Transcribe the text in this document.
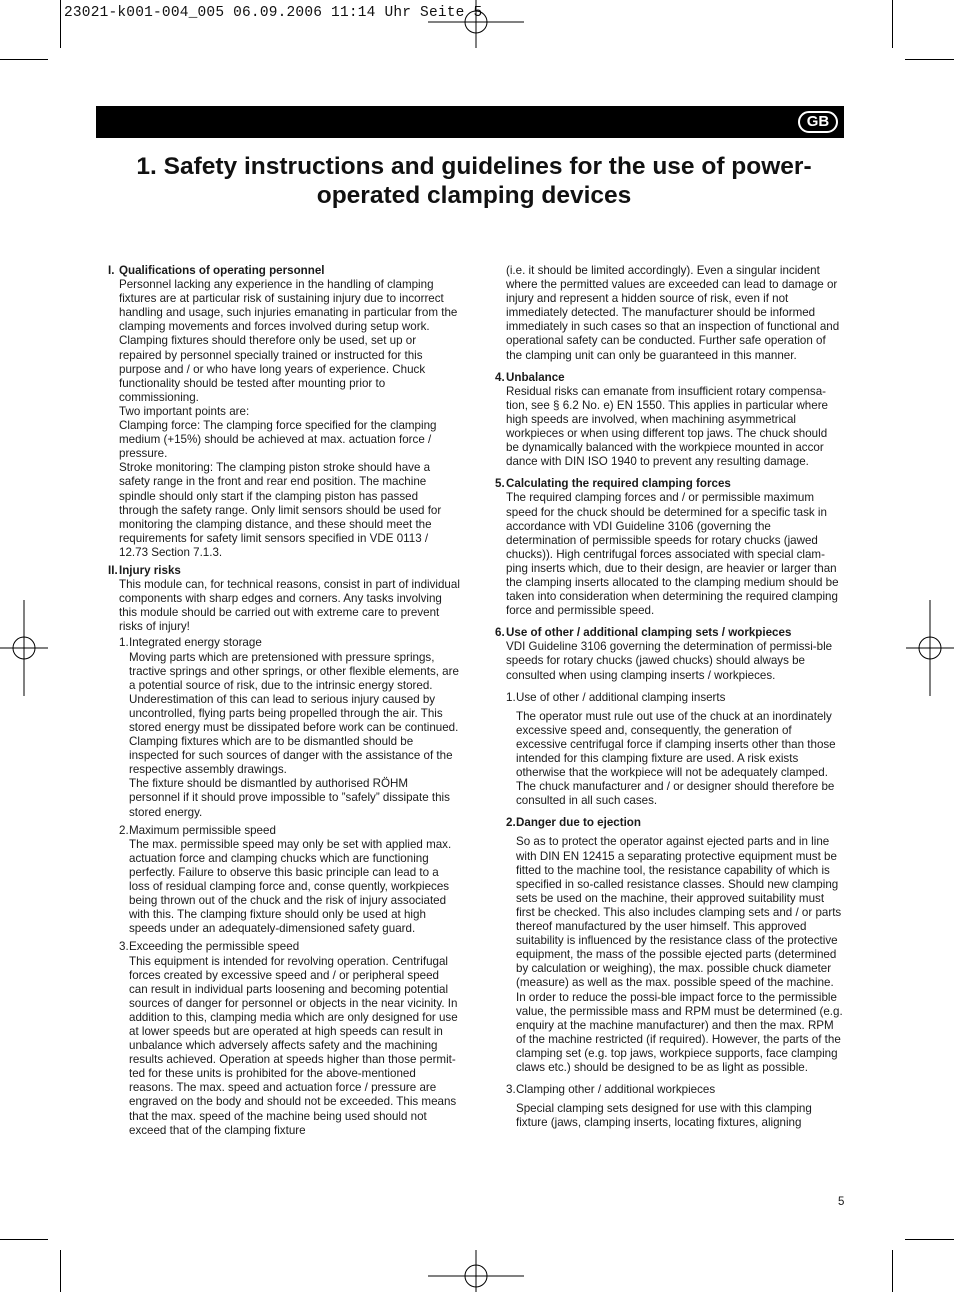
23021-k001-004_005 06.09.2006 11:14 Uhr Seite 5
GB
1. Safety instructions and guidelines for the use of power-operated clamping devices
I. Qualifications of operating personnel
Personnel lacking any experience in the handling of clamping fixtures are at particular risk of sustaining injury due to incorrect handling and usage, such injuries emanating in particular from the clamping movements and forces involved during setup work. Clamping fixtures should therefore only be used, set up or repaired by personnel specially trained or instructed for this purpose and / or who have long years of experience. Chuck functionality should be tested after mounting prior to commissioning.
Two important points are:
Clamping force: The clamping force specified for the clamping medium (+15%) should be achieved at max. actuation force / pressure.
Stroke monitoring: The clamping piston stroke should have a safety range in the front and rear end position. The machine spindle should only start if the clamping piston has passed through the safety range. Only limit sensors should be used for monitoring the clamping distance, and these should meet the requirements for safety limit sensors specified in VDE 0113 / 12.73 Section 7.1.3.
II. Injury risks
This module can, for technical reasons, consist in part of individual components with sharp edges and corners. Any tasks involving this module should be carried out with extreme care to prevent risks of injury!
1. Integrated energy storage
Moving parts which are pretensioned with pressure springs, tractive springs and other springs, or other flexible elements, are a potential source of risk, due to the intrinsic energy stored. Underestimation of this can lead to serious injury caused by uncontrolled, flying parts being propelled through the air. This stored energy must be dissipated before work can be continued. Clamping fixtures which are to be dismantled should be inspected for such sources of danger with the assistance of the respective assembly drawings.
The fixture should be dismantled by authorised RÖHM personnel if it should prove impossible to ”safely” dissipate this stored energy.
2. Maximum permissible speed
The max. permissible speed may only be set with applied max. actuation force and clamping chucks which are functioning perfectly. Failure to observe this basic principle can lead to a loss of residual clamping force and, conse quently, workpieces being thrown out of the chuck and the risk of injury associated with this. The clamping fixture should only be used at high speeds under an adequately-dimensioned safety guard.
3. Exceeding the permissible speed
This equipment is intended for revolving operation. Centrifugal forces created by excessive speed and / or peripheral speed can result in individual parts loosening and becoming potential sources of danger for personnel or objects in the near vicinity. In addition to this, clamping media which are only designed for use at lower speeds but are operated at high speeds can result in unbalance which adversely affects safety and the machining results achieved. Operation at speeds higher than those permit-ted for these units is prohibited for the above-mentioned reasons. The max. speed and actuation force / pressure are engraved on the body and should not be exceeded. This means that the max. speed of the machine being used should not exceed that of the clamping fixture
(i.e. it should be limited accordingly). Even a singular incident where the permitted values are exceeded can lead to damage or injury and represent a hidden source of risk, even if not immediately detected. The manufacturer should be informed immediately in such cases so that an inspection of functional and operational safety can be conducted. Further safe operation of the clamping unit can only be guaranteed in this manner.
4. Unbalance
Residual risks can emanate from insufficient rotary compensa-tion, see § 6.2 No. e) EN 1550. This applies in particular where high speeds are involved, when machining asymmetrical workpieces or when using different top jaws. The chuck should be dynamically balanced with the workpiece mounted in accor dance with DIN ISO 1940 to prevent any resulting damage.
5. Calculating the required clamping forces
The required clamping forces and / or permissible maximum speed for the chuck should be determined for a specific task in accordance with VDI Guideline 3106 (governing the determination of permissible speeds for rotary chucks (jawed chucks)). High centrifugal forces associated with special clam-ping inserts which, due to their design, are heavier or larger than the clamping inserts allocated to the clamping medium should be taken into consideration when determining the required clamping force and permissible speed.
6. Use of other / additional clamping sets / workpieces
VDI Guideline 3106 governing the determination of permissi-ble speeds for rotary chucks (jawed chucks) should always be consulted when using clamping inserts / workpieces.
1. Use of other / additional clamping inserts
The operator must rule out use of the chuck at an inordinately excessive speed and, consequently, the generation of excessive centrifugal force if clamping inserts other than those intended for this clamping fixture are used. A risk exists otherwise that the workpiece will not be adequately clamped. The chuck manufacturer and / or designer should therefore be consulted in all such cases.
2. Danger due to ejection
So as to protect the operator against ejected parts and in line with DIN EN 12415 a separating protective equipment must be fitted to the machine tool, the resistance capability of which is specified in so-called resistance classes. Should new clamping sets be used on the machine, their approved suitability must first be checked. This also includes clamping sets and / or parts thereof manufactured by the user himself. This approved suitability is influenced by the resistance class of the protective equipment, the mass of the possible ejected parts (determined by calculation or weighing), the max. possible chuck diameter (measure) as well as the max. possible speed of the machine. In order to reduce the possi-ble impact force to the permissible value, the permissible mass and RPM must be determined (e.g. enquiry at the machine manufacturer) and then the max. RPM of the machine restricted (if required). However, the parts of the clamping set (e.g. top jaws, workpiece supports, face clamping claws etc.) should be designed to be as light as possible.
3. Clamping other / additional workpieces
Special clamping sets designed for use with this clamping fixture (jaws, clamping inserts, locating fixtures, aligning
5
